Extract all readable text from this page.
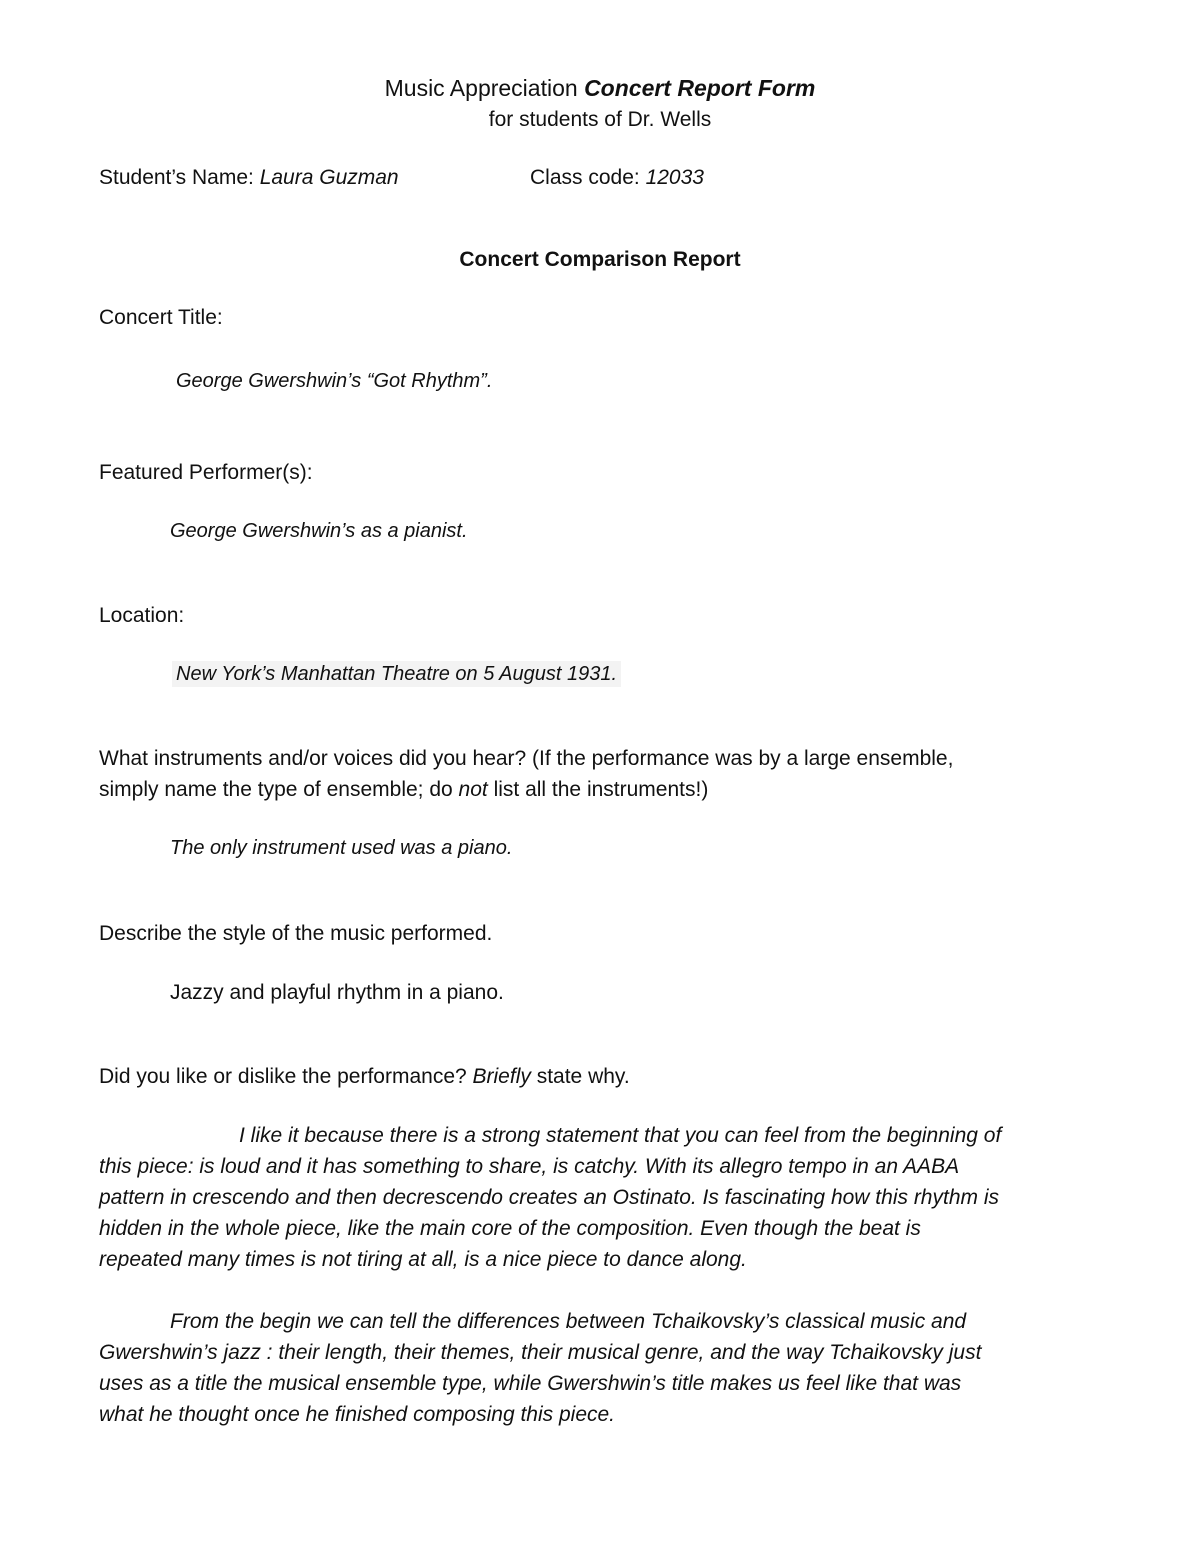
Music Appreciation Concert Report Form
for students of Dr. Wells
Student’s Name: Laura Guzman	Class code: 12033
Concert Comparison Report
Concert Title:
George Gwershwin’s “Got Rhythm”.
Featured Performer(s):
George Gwershwin’s as a pianist.
Location:
New York’s Manhattan Theatre on 5 August 1931.
What instruments and/or voices did you hear? (If the performance was by a large ensemble,
simply name the type of ensemble; do not list all the instruments!)
The only instrument used was a piano.
Describe the style of the music performed.
Jazzy and playful rhythm in a piano.
Did you like or dislike the performance? Briefly state why.
I like it because there is a strong statement that you can feel from the beginning of
this piece: is loud and it has something to share, is catchy. With its allegro tempo in an AABA
pattern in crescendo and then decrescendo creates an Ostinato. Is fascinating how this rhythm is
hidden in the whole piece, like the main core of the composition. Even though the beat is
repeated many times is not tiring at all, is a nice piece to dance along.
From the begin we can tell the differences between Tchaikovsky’s classical music and
Gwershwin’s jazz : their length, their themes, their musical genre, and the way Tchaikovsky just
uses as a title the musical ensemble type, while Gwershwin’s title makes us feel like that was
what he thought once he finished composing this piece.
